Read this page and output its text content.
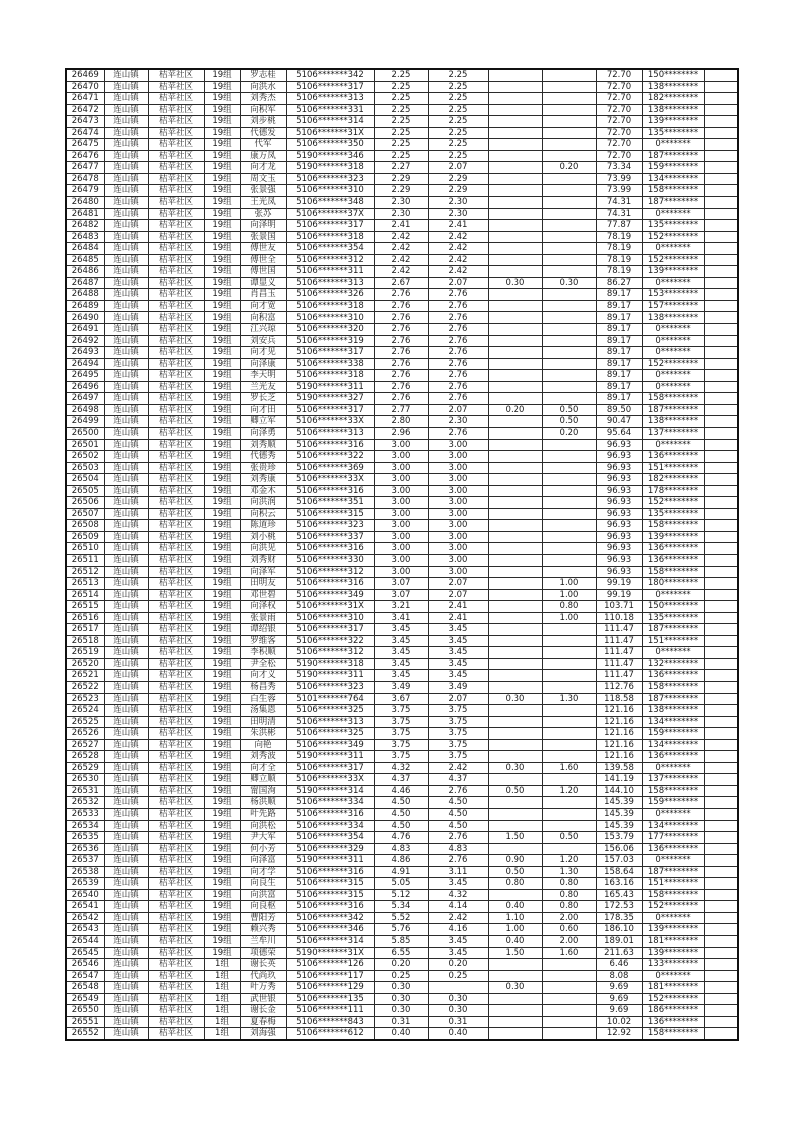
26469	连山镇	桔苹社区	19组	罗志桂	5106*******342	2.25	2.25			72.70	150********	
26470	连山镇	桔苹社区	19组	向洪水	5106*******317	2.25	2.25			72.70	138********	
26471	连山镇	桔苹社区	19组	刘秀杰	5106*******313	2.25	2.25			72.70	182********	
26472	连山镇	桔苹社区	19组	向积军	5106*******331	2.25	2.25			72.70	138********	
26473	连山镇	桔苹社区	19组	刘步桃	5106*******314	2.25	2.25			72.70	139********	
26474	连山镇	桔苹社区	19组	代德发	5106*******31X	2.25	2.25			72.70	135********	
26475	连山镇	桔苹社区	19组	代军	5106*******350	2.25	2.25			72.70	0*******	
26476	连山镇	桔苹社区	19组	康万凤	5190*******346	2.25	2.25			72.70	187********	
26477	连山镇	桔苹社区	19组	向才龙	5190*******318	2.27	2.07		0.20	73.34	159********	
26478	连山镇	桔苹社区	19组	周文玉	5106*******323	2.29	2.29			73.99	134********	
26479	连山镇	桔苹社区	19组	张景强	5106*******310	2.29	2.29			73.99	158********	
26480	连山镇	桔苹社区	19组	王光凤	5106*******348	2.30	2.30			74.31	187********	
26481	连山镇	桔苹社区	19组	张苏	5106*******37X	2.30	2.30			74.31	0*******	
26482	连山镇	桔苹社区	19组	向泽明	5106*******317	2.41	2.41			77.87	135********	
26483	连山镇	桔苹社区	19组	张景国	5106*******318	2.42	2.42			78.19	152********	
26484	连山镇	桔苹社区	19组	傅世友	5106*******354	2.42	2.42			78.19	0*******	
26485	连山镇	桔苹社区	19组	傅世全	5106*******312	2.42	2.42			78.19	152********	
26486	连山镇	桔苹社区	19组	傅世国	5106*******311	2.42	2.42			78.19	139********	
26487	连山镇	桔苹社区	19组	谭显义	5106*******313	2.67	2.07	0.30	0.30	86.27	0*******	
26488	连山镇	桔苹社区	19组	肖昌玉	5106*******326	2.76	2.76			89.17	153********	
26489	连山镇	桔苹社区	19组	向才宽	5106*******318	2.76	2.76			89.17	157********	
26490	连山镇	桔苹社区	19组	向积富	5106*******310	2.76	2.76			89.17	138********	
26491	连山镇	桔苹社区	19组	江兴琼	5106*******320	2.76	2.76			89.17	0*******	
26492	连山镇	桔苹社区	19组	刘安兵	5106*******319	2.76	2.76			89.17	0*******	
26493	连山镇	桔苹社区	19组	向才见	5106*******317	2.76	2.76			89.17	0*******	
26494	连山镇	桔苹社区	19组	向泽康	5106*******338	2.76	2.76			89.17	152********	
26495	连山镇	桔苹社区	19组	李天明	5106*******318	2.76	2.76			89.17	0*******	
26496	连山镇	桔苹社区	19组	兰光友	5190*******311	2.76	2.76			89.17	0*******	
26497	连山镇	桔苹社区	19组	罗长芝	5190*******327	2.76	2.76			89.17	158********	
26498	连山镇	桔苹社区	19组	向才田	5106*******317	2.77	2.07	0.20	0.50	89.50	187********	
26499	连山镇	桔苹社区	19组	卿立军	5106*******33X	2.80	2.30		0.50	90.47	138********	
26500	连山镇	桔苹社区	19组	向泽勇	5106*******313	2.96	2.76		0.20	95.64	137********	
26501	连山镇	桔苹社区	19组	刘秀顺	5106*******316	3.00	3.00			96.93	0*******	
26502	连山镇	桔苹社区	19组	代德秀	5106*******322	3.00	3.00			96.93	136********	
26503	连山镇	桔苹社区	19组	张贵珍	5106*******369	3.00	3.00			96.93	151********	
26504	连山镇	桔苹社区	19组	刘秀康	5106*******33X	3.00	3.00			96.93	182********	
26505	连山镇	桔苹社区	19组	邓金木	5106*******316	3.00	3.00			96.93	178********	
26506	连山镇	桔苹社区	19组	向洪润	5106*******351	3.00	3.00			96.93	152********	
26507	连山镇	桔苹社区	19组	向积云	5106*******315	3.00	3.00			96.93	135********	
26508	连山镇	桔苹社区	19组	陈道珍	5106*******323	3.00	3.00			96.93	158********	
26509	连山镇	桔苹社区	19组	刘小桃	5106*******337	3.00	3.00			96.93	139********	
26510	连山镇	桔苹社区	19组	向洪见	5106*******316	3.00	3.00			96.93	136********	
26511	连山镇	桔苹社区	19组	刘秀财	5106*******330	3.00	3.00			96.93	136********	
26512	连山镇	桔苹社区	19组	向泽军	5106*******312	3.00	3.00			96.93	158********	
26513	连山镇	桔苹社区	19组	田明友	5106*******316	3.07	2.07		1.00	99.19	180********	
26514	连山镇	桔苹社区	19组	邓世碧	5106*******349	3.07	2.07		1.00	99.19	0*******	
26515	连山镇	桔苹社区	19组	向泽权	5106*******31X	3.21	2.41		0.80	103.71	150********	
26516	连山镇	桔苹社区	19组	张景雨	5106*******310	3.41	2.41		1.00	110.18	135********	
26517	连山镇	桔苹社区	19组	谭绍银	5106*******317	3.45	3.45			111.47	187********	
26518	连山镇	桔苹社区	19组	罗维客	5106*******322	3.45	3.45			111.47	151********	
26519	连山镇	桔苹社区	19组	李积顺	5106*******312	3.45	3.45			111.47	0*******	
26520	连山镇	桔苹社区	19组	尹全松	5190*******318	3.45	3.45			111.47	132********	
26521	连山镇	桔苹社区	19组	向才义	5190*******311	3.45	3.45			111.47	136********	
26522	连山镇	桔苹社区	19组	杨昌秀	5106*******323	3.49	3.49			112.76	158********	
26523	连山镇	桔苹社区	19组	白生蓉	5101*******764	3.67	2.07	0.30	1.30	118.58	187********	
26524	连山镇	桔苹社区	19组	汤集恩	5106*******325	3.75	3.75			121.16	138********	
26525	连山镇	桔苹社区	19组	田明清	5106*******313	3.75	3.75			121.16	134********	
26526	连山镇	桔苹社区	19组	朱洪彬	5106*******325	3.75	3.75			121.16	159********	
26527	连山镇	桔苹社区	19组	向艳	5106*******349	3.75	3.75			121.16	134********	
26528	连山镇	桔苹社区	19组	刘秀波	5190*******311	3.75	3.75			121.16	136********	
26529	连山镇	桔苹社区	19组	向才全	5106*******317	4.32	2.42	0.30	1.60	139.58	0*******	
26530	连山镇	桔苹社区	19组	卿立顺	5106*******33X	4.37	4.37			141.19	137********	
26531	连山镇	桔苹社区	19组	甯国洵	5190*******314	4.46	2.76	0.50	1.20	144.10	158********	
26532	连山镇	桔苹社区	19组	杨洪顺	5106*******334	4.50	4.50			145.39	159********	
26533	连山镇	桔苹社区	19组	叶先路	5106*******316	4.50	4.50			145.39	0*******	
26534	连山镇	桔苹社区	19组	向洪松	5106*******334	4.50	4.50			145.39	134********	
26535	连山镇	桔苹社区	19组	尹大军	5106*******354	4.76	2.76	1.50	0.50	153.79	177********	
26536	连山镇	桔苹社区	19组	何小芳	5106*******329	4.83	4.83			156.06	136********	
26537	连山镇	桔苹社区	19组	向泽富	5190*******311	4.86	2.76	0.90	1.20	157.03	0*******	
26538	连山镇	桔苹社区	19组	向才学	5106*******316	4.91	3.11	0.50	1.30	158.64	187********	
26539	连山镇	桔苹社区	19组	向良生	5106*******315	5.05	3.45	0.80	0.80	163.16	151********	
26540	连山镇	桔苹社区	19组	向洪富	5106*******315	5.12	4.32		0.80	165.43	158********	
26541	连山镇	桔苹社区	19组	向良枢	5106*******316	5.34	4.14	0.40	0.80	172.53	152********	
26542	连山镇	桔苹社区	19组	曹阳芳	5106*******342	5.52	2.42	1.10	2.00	178.35	0*******	
26543	连山镇	桔苹社区	19组	赖兴秀	5106*******346	5.76	4.16	1.00	0.60	186.10	139********	
26544	连山镇	桔苹社区	19组	兰牟川	5106*******314	5.85	3.45	0.40	2.00	189.01	181********	
26545	连山镇	桔苹社区	19组	项德荣	5190*******31X	6.55	3.45	1.50	1.60	211.63	139********	
26546	连山镇	桔苹社区	1组	谢长英	5106*******126	0.20	0.20			6.46	133********	
26547	连山镇	桔苹社区	1组	代尚玖	5106*******117	0.25	0.25			8.08	0*******	
26548	连山镇	桔苹社区	1组	叶万秀	5106*******129	0.30		0.30		9.69	181********	
26549	连山镇	桔苹社区	1组	武世银	5106*******135	0.30	0.30			9.69	152********	
26550	连山镇	桔苹社区	1组	谢长金	5106*******111	0.30	0.30			9.69	186********	
26551	连山镇	桔苹社区	1组	夏春梅	5106*******843	0.31	0.31			10.02	136********	
26552	连山镇	桔苹社区	1组	刘海强	5106*******612	0.40	0.40			12.92	158********	
